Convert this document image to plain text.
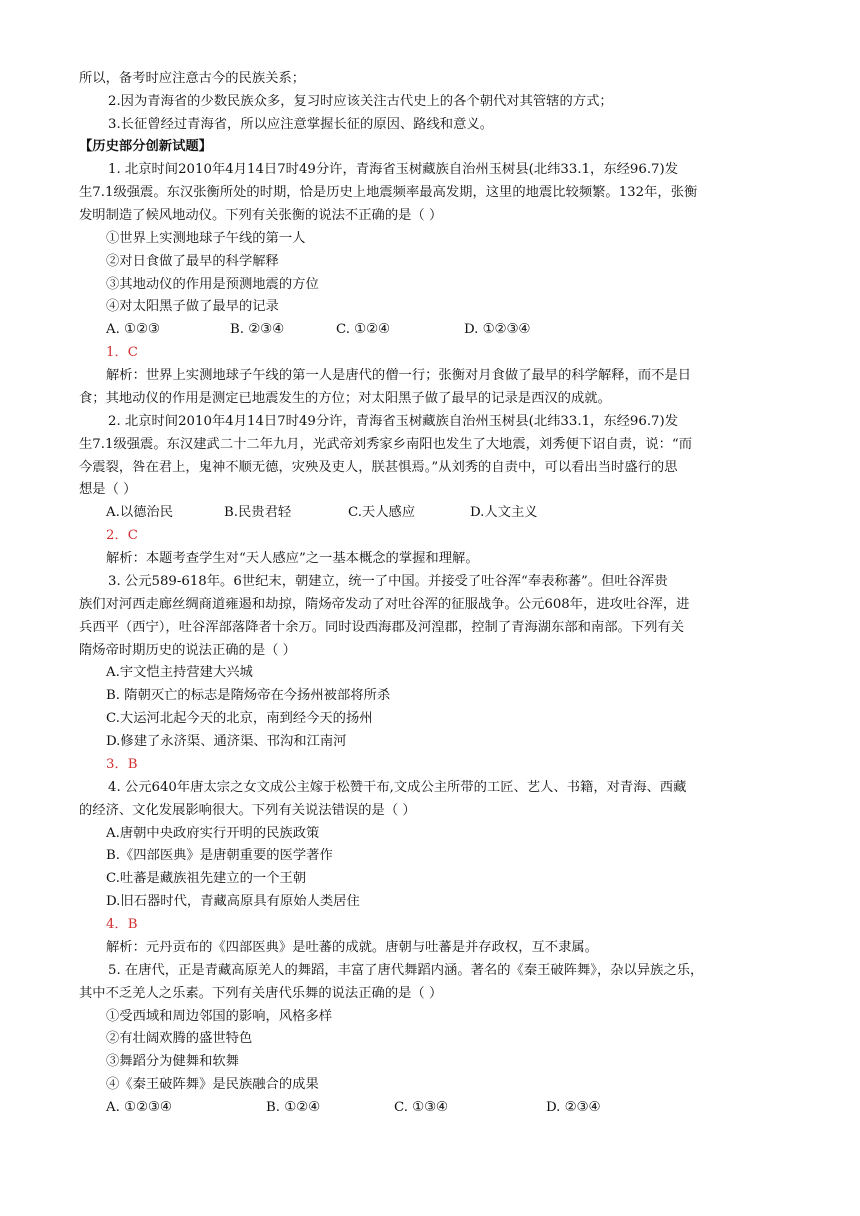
所以，备考时应注意古今的民族关系；
2.因为青海省的少数民族众多，复习时应该关注古代史上的各个朝代对其管辖的方式；
3.长征曾经过青海省，所以应注意掌握长征的原因、路线和意义。
【历史部分创新试题】
1. 北京时间2010年4月14日7时49分许，青海省玉树藏族自治州玉树县(北纬33.1，东经96.7)发
生7.1级强震。东汉张衡所处的时期，恰是历史上地震频率最高发期，这里的地震比较频繁。132年，张衡
发明制造了候风地动仪。下列有关张衡的说法不正确的是（ ）
①世界上实测地球子午线的第一人
②对日食做了最早的科学解释
③其地动仪的作用是预测地震的方位
④对太阳黑子做了最早的记录
A. ①②③	B. ②③④	C. ①②④	D. ①②③④
1．C
解析：世界上实测地球子午线的第一人是唐代的僧一行；张衡对月食做了最早的科学解释，而不是日
食；其地动仪的作用是测定已地震发生的方位；对太阳黑子做了最早的记录是西汉的成就。
2. 北京时间2010年4月14日7时49分许，青海省玉树藏族自治州玉树县(北纬33.1，东经96.7)发
生7.1级强震。东汉建武二十二年九月，光武帝刘秀家乡南阳也发生了大地震，刘秀便下诏自责，说：“而
今震裂，咎在君上，鬼神不顺无德，灾殃及吏人，朕甚惧焉。”从刘秀的自责中，可以看出当时盛行的思
想是（ ）
A.以德治民	B.民贵君轻	C.天人感应	D.人文主义
2．C
解析：本题考查学生对“天人感应”之一基本概念的掌握和理解。
3. 公元589-618年。6世纪末，朝建立，统一了中国。并接受了吐谷浑“奉表称蕃”。但吐谷浑贵
族们对河西走廊丝绸商道雍遏和劫掠，隋炀帝发动了对吐谷浑的征服战争。公元608年，进攻吐谷浑，进
兵西平（西宁），吐谷浑部落降者十余万。同时设西海郡及河湟郡，控制了青海湖东部和南部。下列有关
隋炀帝时期历史的说法正确的是（ ）
A.宇文恺主持营建大兴城
B. 隋朝灭亡的标志是隋炀帝在今扬州被部将所杀
C.大运河北起今天的北京，南到经今天的扬州
D.修建了永济渠、通济渠、邗沟和江南河
3．B
4. 公元640年唐太宗之女文成公主嫁于松赞干布,文成公主所带的工匠、艺人、书籍，对青海、西藏
的经济、文化发展影响很大。下列有关说法错误的是（ ）
A.唐朝中央政府实行开明的民族政策
B.《四部医典》是唐朝重要的医学著作
C.吐蕃是藏族祖先建立的一个王朝
D.旧石器时代，青藏高原具有原始人类居住
4．B
解析：元丹贡布的《四部医典》是吐蕃的成就。唐朝与吐蕃是并存政权，互不隶属。
5. 在唐代，正是青藏高原羌人的舞蹈，丰富了唐代舞蹈内涵。著名的《秦王破阵舞》，杂以异族之乐，
其中不乏羌人之乐素。下列有关唐代乐舞的说法正确的是（ ）
①受西域和周边邻国的影响，风格多样
②有壮阔欢腾的盛世特色
③舞蹈分为健舞和软舞
④《秦王破阵舞》是民族融合的成果
A. ①②③④	B. ①②④	C. ①③④	D. ②③④
